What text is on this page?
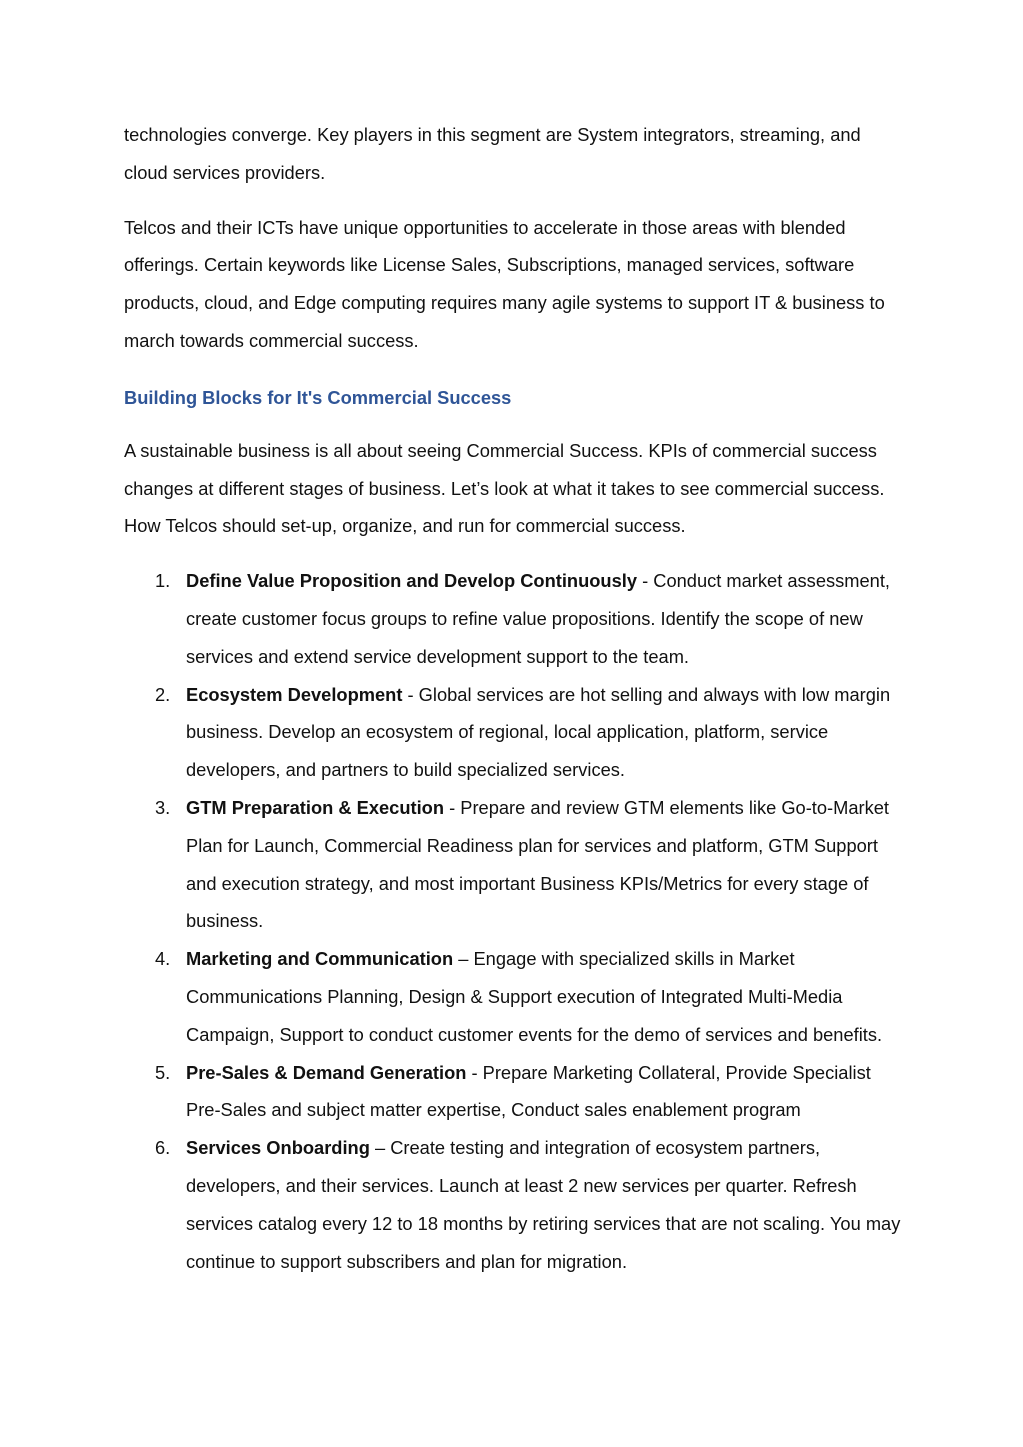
technologies converge. Key players in this segment are System integrators, streaming, and cloud services providers.

Telcos and their ICTs have unique opportunities to accelerate in those areas with blended offerings. Certain keywords like License Sales, Subscriptions, managed services, software products, cloud, and Edge computing requires many agile systems to support IT & business to march towards commercial success.

Building Blocks for It's Commercial Success

A sustainable business is all about seeing Commercial Success. KPIs of commercial success changes at different stages of business. Let’s look at what it takes to see commercial success. How Telcos should set-up, organize, and run for commercial success.

1. Define Value Proposition and Develop Continuously - Conduct market assessment, create customer focus groups to refine value propositions. Identify the scope of new services and extend service development support to the team.
2. Ecosystem Development - Global services are hot selling and always with low margin business. Develop an ecosystem of regional, local application, platform, service developers, and partners to build specialized services.
3. GTM Preparation & Execution - Prepare and review GTM elements like Go-to-Market Plan for Launch, Commercial Readiness plan for services and platform, GTM Support and execution strategy, and most important Business KPIs/Metrics for every stage of business.
4. Marketing and Communication – Engage with specialized skills in Market Communications Planning, Design & Support execution of Integrated Multi-Media Campaign, Support to conduct customer events for the demo of services and benefits.
5. Pre-Sales & Demand Generation - Prepare Marketing Collateral, Provide Specialist Pre-Sales and subject matter expertise, Conduct sales enablement program
6. Services Onboarding – Create testing and integration of ecosystem partners, developers, and their services. Launch at least 2 new services per quarter. Refresh services catalog every 12 to 18 months by retiring services that are not scaling. You may continue to support subscribers and plan for migration.
